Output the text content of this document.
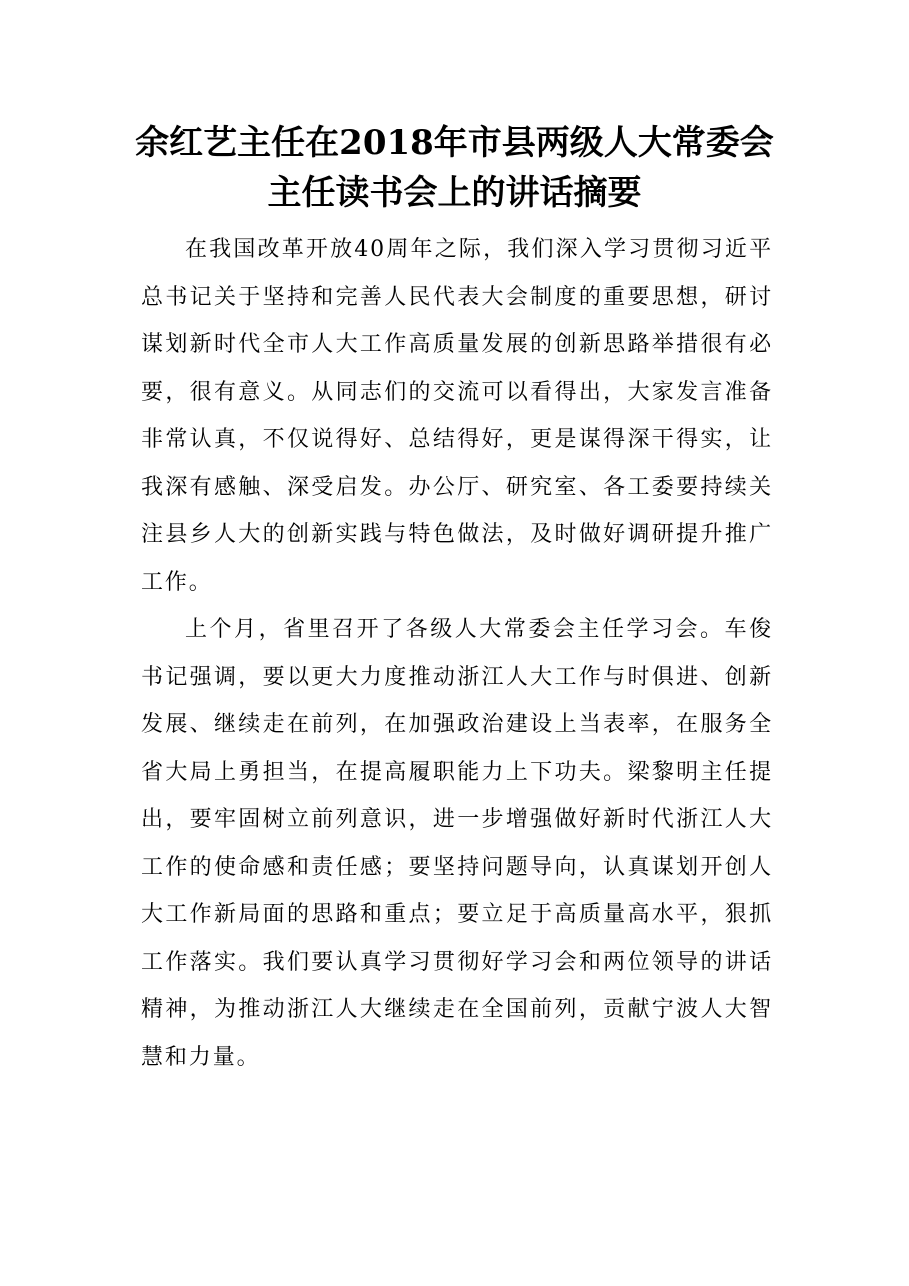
余红艺主任在2018年市县两级人大常委会
主任读书会上的讲话摘要

在我国改革开放40周年之际，我们深入学习贯彻习近平总书记关于坚持和完善人民代表大会制度的重要思想，研讨谋划新时代全市人大工作高质量发展的创新思路举措很有必要，很有意义。从同志们的交流可以看得出，大家发言准备非常认真，不仅说得好、总结得好，更是谋得深干得实，让我深有感触、深受启发。办公厅、研究室、各工委要持续关注县乡人大的创新实践与特色做法，及时做好调研提升推广工作。

上个月，省里召开了各级人大常委会主任学习会。车俊书记强调，要以更大力度推动浙江人大工作与时俱进、创新发展、继续走在前列，在加强政治建设上当表率，在服务全省大局上勇担当，在提高履职能力上下功夫。梁黎明主任提出，要牢固树立前列意识，进一步增强做好新时代浙江人大工作的使命感和责任感；要坚持问题导向，认真谋划开创人大工作新局面的思路和重点；要立足于高质量高水平，狠抓工作落实。我们要认真学习贯彻好学习会和两位领导的讲话精神，为推动浙江人大继续走在全国前列，贡献宁波人大智慧和力量。
